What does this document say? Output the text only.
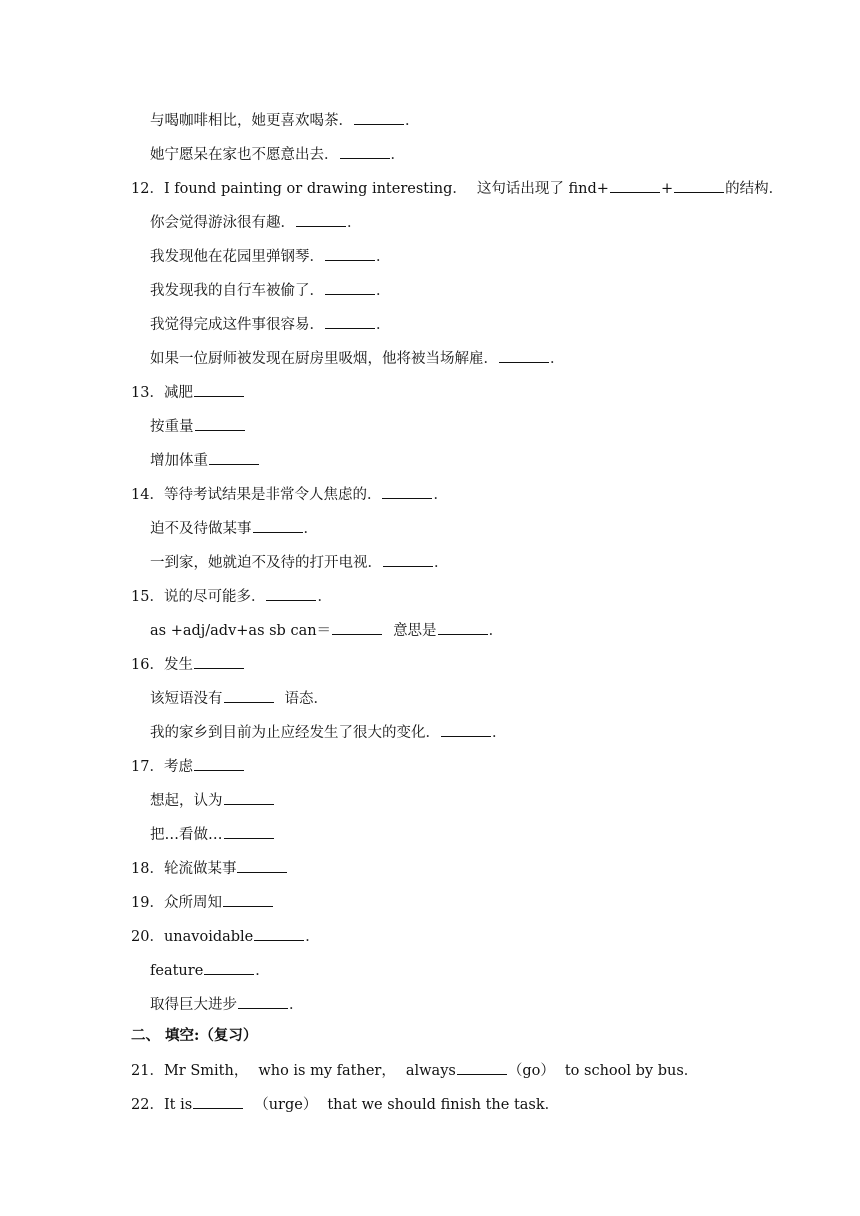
与喝咖啡相比，她更喜欢喝茶．	．
她宁愿呆在家也不愿意出去．	．
12．I found painting or drawing interesting． 这句话出现了 find+	+	的结构．
你会觉得游泳很有趣．	．
我发现他在花园里弹钢琴．	．
我发现我的自行车被偷了．	．
我觉得完成这件事很容易．	．
如果一位厨师被发现在厨房里吸烟，他将被当场解雇．	．
13．减肥
按重量
增加体重
14．等待考试结果是非常令人焦虑的．	．
迫不及待做某事	．
一到家，她就迫不及待的打开电视．	．
15．说的尽可能多．	．
as +adj/adv+as sb can＝	意思是	．
16．发生
该短语没有	语态．
我的家乡到目前为止应经发生了很大的变化．	．
17．考虑
想起，认为
把…看做…
18．轮流做某事
19．众所周知
20．unavoidable	．
feature	．
取得巨大进步	．
二、 填空:（复习）
21．Mr Smith， who is my father， always	（go） to school by bus．
22．It is	（urge） that we should finish the task．
